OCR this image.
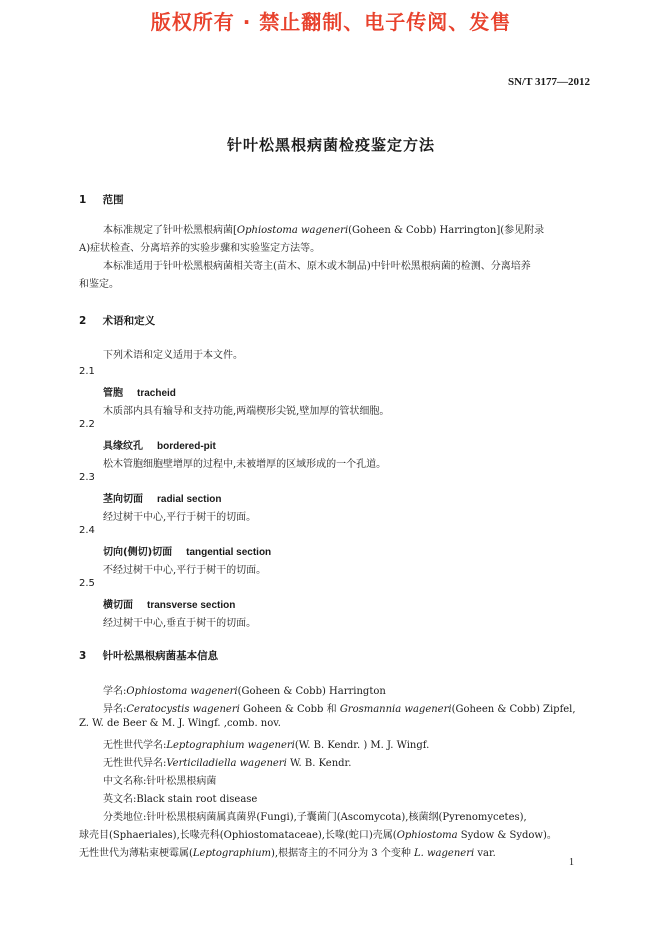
版权所有 · 禁止翻制、电子传阅、发售
SN/T 3177—2012
针叶松黑根病菌检疫鉴定方法
1 范围
本标准规定了针叶松黑根病菌[Ophiostoma wageneri(Goheen & Cobb) Harrington](参见附录
A)症状检查、分离培养的实验步骤和实验鉴定方法等。
本标准适用于针叶松黑根病菌相关寄主(苗木、原木或木制品)中针叶松黑根病菌的检测、分离培养
和鉴定。
2 术语和定义
下列术语和定义适用于本文件。
2.1
管胞 tracheid
木质部内具有输导和支持功能,两端楔形尖锐,壁加厚的管状细胞。
2.2
具缘纹孔 bordered-pit
松木管胞细胞壁增厚的过程中,未被增厚的区域形成的一个孔道。
2.3
茎向切面 radial section
经过树干中心,平行于树干的切面。
2.4
切向(侧切)切面 tangential section
不经过树干中心,平行于树干的切面。
2.5
横切面 transverse section
经过树干中心,垂直于树干的切面。
3 针叶松黑根病菌基本信息
学名:Ophiostoma wageneri(Goheen & Cobb) Harrington
异名:Ceratocystis wageneri Goheen & Cobb 和 Grosmannia wageneri(Goheen & Cobb) Zipfel,
Z. W. de Beer & M. J. Wingf. ,comb. nov.
无性世代学名:Leptographium wageneri(W. B. Kendr. ) M. J. Wingf.
无性世代异名:Verticiladiella wageneri W. B. Kendr.
中文名称:针叶松黑根病菌
英文名:Black stain root disease
分类地位:针叶松黑根病菌属真菌界(Fungi),子囊菌门(Ascomycota),核菌纲(Pyrenomycetes),
球壳目(Sphaeriales),长喙壳科(Ophiostomataceae),长喙(蛇口)壳属(Ophiostoma Sydow & Sydow)。
无性世代为薄粘束梗霉属(Leptographium),根据寄主的不同分为 3 个变种 L. wageneri var.
1
